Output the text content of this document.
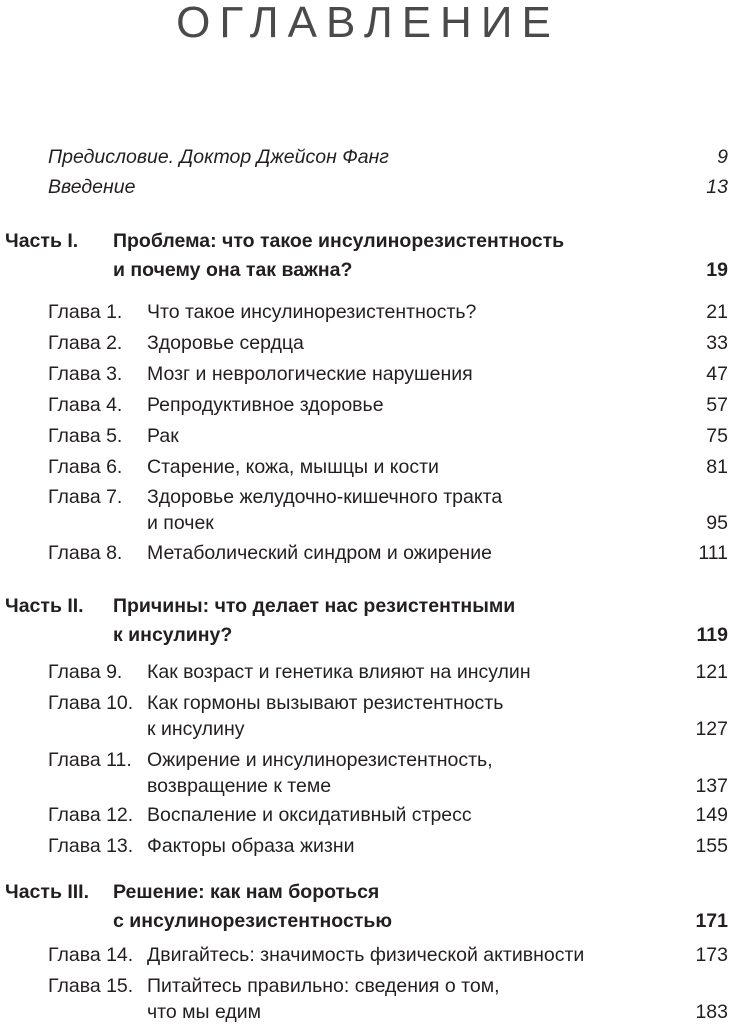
ОГЛАВЛЕНИЕ
Предисловие. Доктор Джейсон Фанг	9
Введение	13
Часть I. Проблема: что такое инсулинорезистентность
и почему она так важна?	19
Глава 1. Что такое инсулинорезистентность?	21
Глава 2. Здоровье сердца	33
Глава 3. Мозг и неврологические нарушения	47
Глава 4. Репродуктивное здоровье	57
Глава 5. Рак	75
Глава 6. Старение, кожа, мышцы и кости	81
Глава 7. Здоровье желудочно-кишечного тракта
и почек	95
Глава 8. Метаболический синдром и ожирение	111
Часть II. Причины: что делает нас резистентными
к инсулину?	119
Глава 9. Как возраст и генетика влияют на инсулин	121
Глава 10. Как гормоны вызывают резистентность
к инсулину	127
Глава 11. Ожирение и инсулинорезистентность,
возвращение к теме	137
Глава 12. Воспаление и оксидативный стресс	149
Глава 13. Факторы образа жизни	155
Часть III. Решение: как нам бороться
с инсулинорезистентностью	171
Глава 14. Двигайтесь: значимость физической активности	173
Глава 15. Питайтесь правильно: сведения о том,
что мы едим	183
